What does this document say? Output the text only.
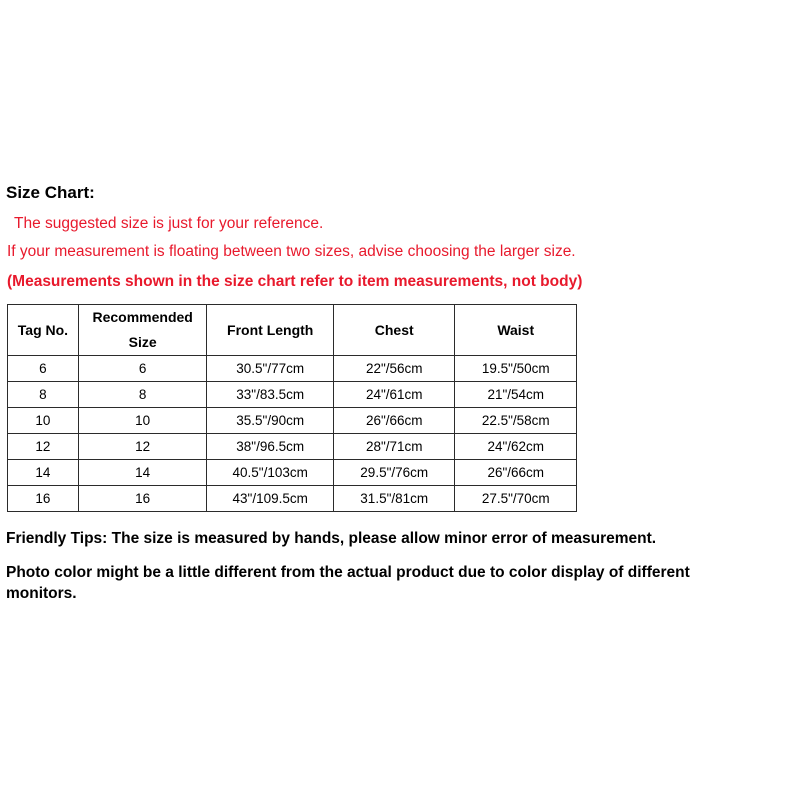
Size Chart:
The suggested size is just for your reference.
If your measurement is floating between two sizes, advise choosing the larger size.
(Measurements shown in the size chart refer to item measurements, not body)
Tag No.	Recommended Size	Front Length	Chest	Waist
6	6	30.5"/77cm	22"/56cm	19.5"/50cm
8	8	33"/83.5cm	24"/61cm	21"/54cm
10	10	35.5"/90cm	26"/66cm	22.5"/58cm
12	12	38"/96.5cm	28"/71cm	24"/62cm
14	14	40.5"/103cm	29.5"/76cm	26"/66cm
16	16	43"/109.5cm	31.5"/81cm	27.5"/70cm
Friendly Tips: The size is measured by hands, please allow minor error of measurement.
Photo color might be a little different from the actual product due to color display of different monitors.
